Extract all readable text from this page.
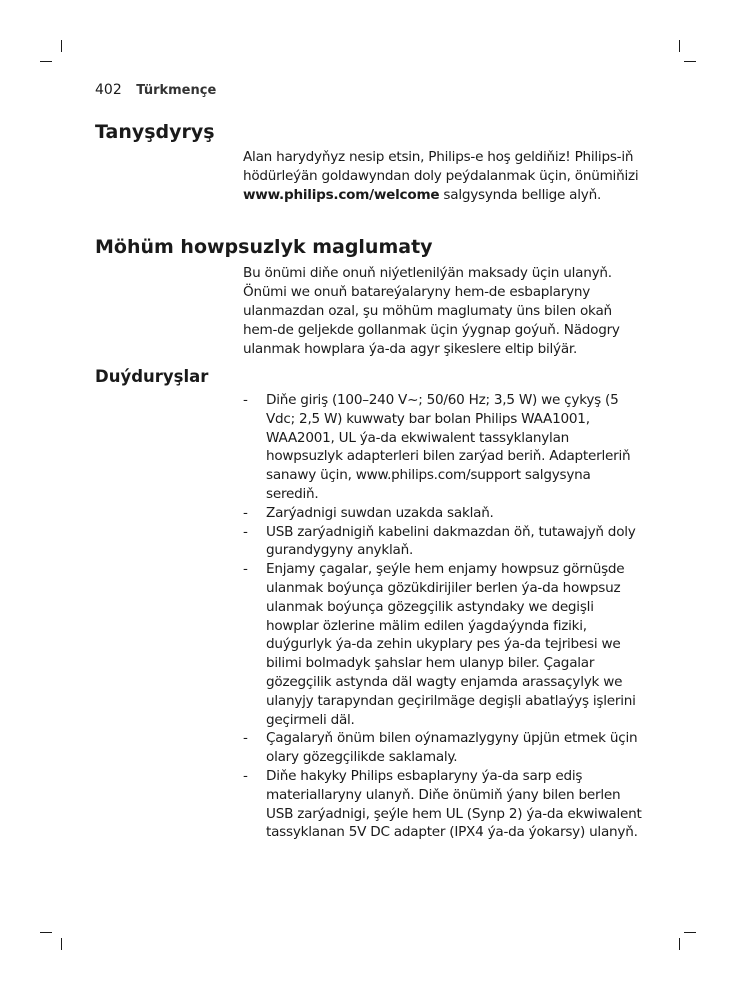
402 Türkmençe
Tanyşdyryş

Alan harydyňyz nesip etsin, Philips-e hoş geldiňiz! Philips-iň hödürleýän goldawyndan doly peýdalanmak üçin, önümiňizi www.philips.com/welcome salgysynda bellige alyň.

Möhüm howpsuzlyk maglumaty

Bu önümi diňe onuň niýetlenilýän maksady üçin ulanyň. Önümi we onuň batareýalaryny hem-de esbaplaryny ulanmazdan ozal, şu möhüm maglumaty üns bilen okaň hem-de geljekde gollanmak üçin ýygnap goýuň. Nädogry ulanmak howplara ýa-da agyr şikeslere eltip bilýär.

Duýduryşlar
- Diňe giriş (100–240 V~; 50/60 Hz; 3,5 W) we çykyş (5 Vdc; 2,5 W) kuwwaty bar bolan Philips WAA1001, WAA2001, UL ýa-da ekwiwalent tassyklanylan howpsuzlyk adapterleri bilen zarýad beriň. Adapterleriň sanawy üçin, www.philips.com/support salgysyna serediň.
- Zarýadnigi suwdan uzakda saklaň.
- USB zarýadnigiň kabelini dakmazdan öň, tutawajyň doly gurandygyny anyklaň.
- Enjamy çagalar, şeýle hem enjamy howpsuz görnüşde ulanmak boýunça gözükdirijiler berlen ýa-da howpsuz ulanmak boýunça gözegçilik astyndaky we degişli howplar özlerine mälim edilen ýagdaýynda fiziki, duýgurlyk ýa-da zehin ukyplary pes ýa-da tejribesi we bilimi bolmadyk şahslar hem ulanyp biler. Çagalar gözegçilik astynda däl wagty enjamda arassaçylyk we ulanyjy tarapyndan geçirilmäge degişli abatlaýyş işlerini geçirmeli däl.
- Çagalaryň önüm bilen oýnamazlygyny üpjün etmek üçin olary gözegçilikde saklamaly.
- Diňe hakyky Philips esbaplaryny ýa-da sarp ediş materiallaryny ulanyň. Diňe önümiň ýany bilen berlen USB zarýadnigi, şeýle hem UL (Synp 2) ýa-da ekwiwalent tassyklanan 5V DC adapter (IPX4 ýa-da ýokarsy) ulanyň.
